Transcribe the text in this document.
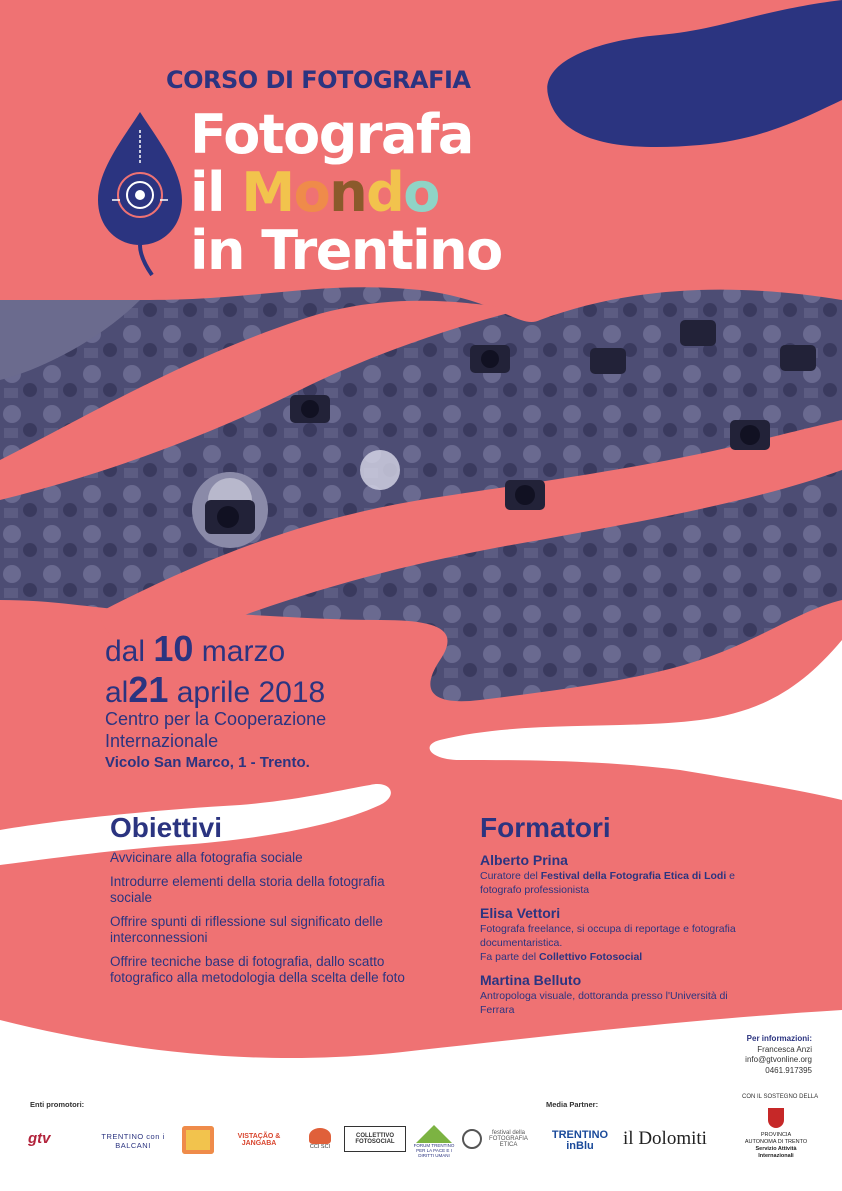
CORSO DI FOTOGRAFIA
Fotografa
il Mondo
in Trentino
dal 10 marzo
al21 aprile 2018
Centro per la Cooperazione
Internazionale
Vicolo San Marco, 1 - Trento.
Obiettivi
Avvicinare alla fotografia sociale
Introdurre elementi della storia della fotografia sociale
Offrire spunti di riflessione sul significato delle interconnessioni
Offrire tecniche base di fotografia, dallo scatto fotografico alla metodologia della scelta delle foto
Formatori
Alberto Prina
Curatore del Festival della Fotografia Etica di Lodi e fotografo professionista
Elisa Vettori
Fotografa freelance, si occupa di reportage e fotografia documentaristica.
Fa parte del Collettivo Fotosocial
Martina Belluto
Antropologa visuale, dottoranda presso l'Università di Ferrara
Per informazioni:
Francesca Anzi
info@gtvonline.org
0461.917395
Enti promotori:	Media Partner:
CON IL SOSTEGNO DELLA
gtv	TRENTINO con i BALCANI
VISTAÇÃO & JANGABA	CCI SCI
COLLETTIVO FOTOSOCIAL	FORUM TRENTINO PER LA PACE E I DIRITTI UMANI
festival della FOTOGRAFIA ETICA
TRENTINO inBlu	il Dolomiti	PROVINCIA
AUTONOMA DI TRENTO
Servizio Attività Internazionali
